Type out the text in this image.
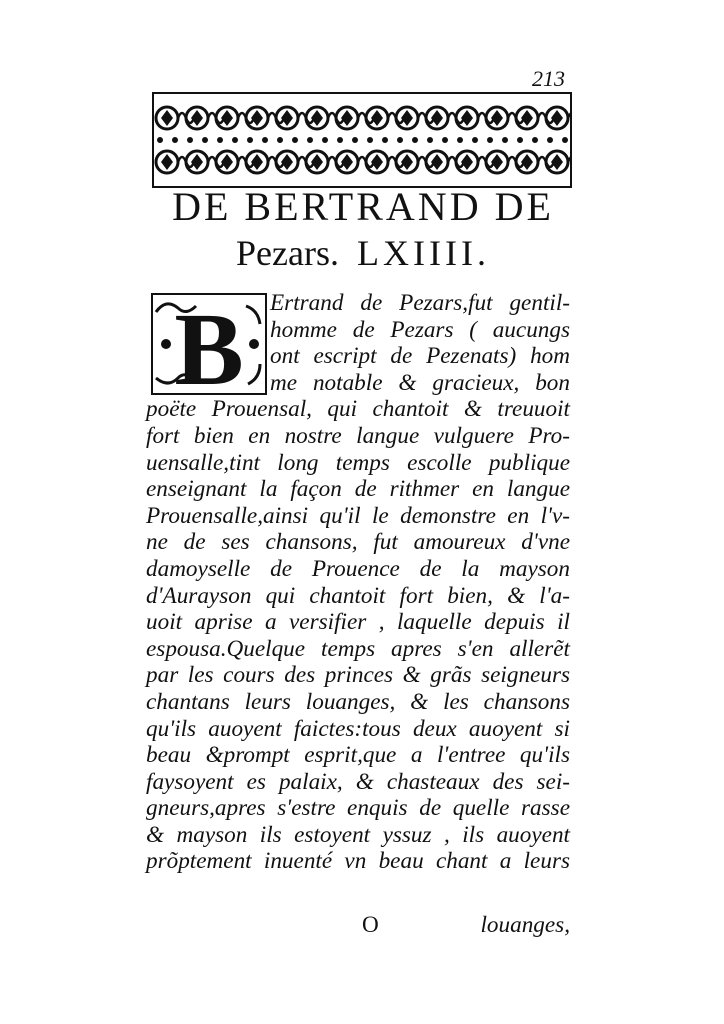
213
DE BERTRAND DE
Pezars. LXIIII.
B	Ertrand de Pezars,fut gentil-
homme de Pezars ( aucungs
ont escript de Pezenats) hom
me notable & gracieux, bon
poëte Prouensal, qui chantoit & treuuoit
fort bien en nostre langue vulguere Pro-
uensalle,tint long temps escolle publique
enseignant la façon de rithmer en langue
Prouensalle,ainsi qu'il le demonstre en l'v-
ne de ses chansons, fut amoureux d'vne
damoyselle de Prouence de la mayson
d'Aurayson qui chantoit fort bien, & l'a-
uoit aprise a versifier , laquelle depuis il
espousa.Quelque temps apres s'en allerẽt
par les cours des princes & grãs seigneurs
chantans leurs louanges, & les chansons
qu'ils auoyent faictes:tous deux auoyent si
beau &prompt esprit,que a l'entree qu'ils
faysoyent es palaix, & chasteaux des sei-
gneurs,apres s'estre enquis de quelle rasse
& mayson ils estoyent yssuz , ils auoyent
prõptement inuenté vn beau chant a leurs
O	louanges,
